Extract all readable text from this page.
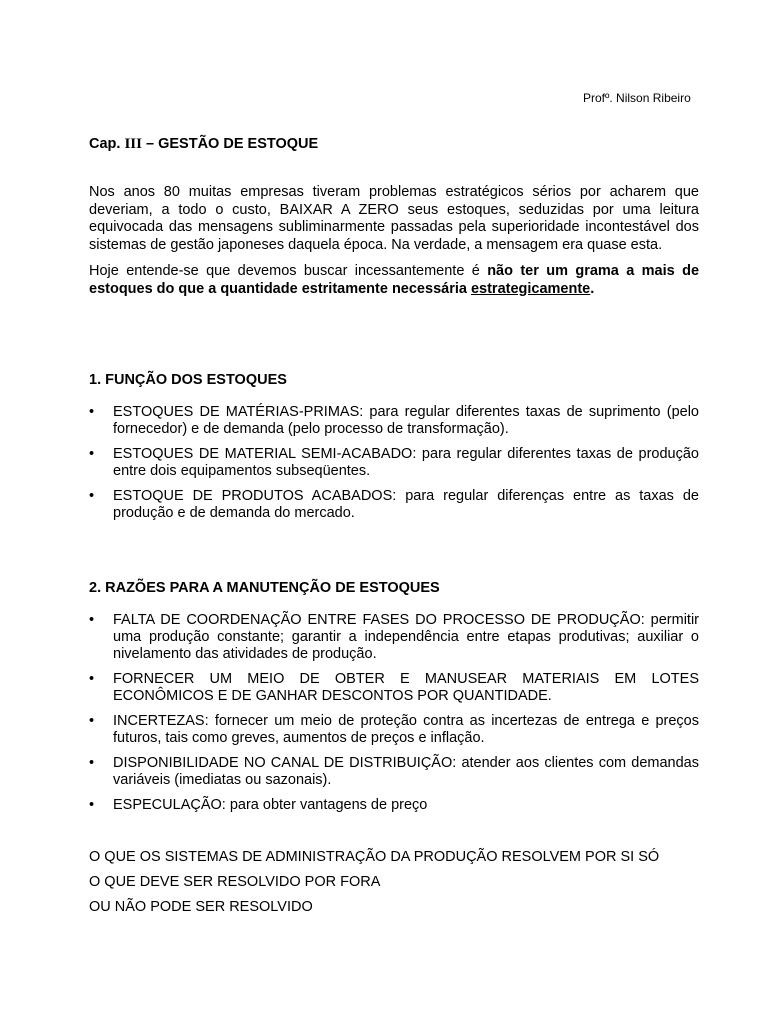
Profº. Nilson Ribeiro
Cap. III – GESTÃO DE ESTOQUE

Nos anos 80 muitas empresas tiveram problemas estratégicos sérios por acharem que deveriam, a todo o custo, BAIXAR A ZERO seus estoques, seduzidas por uma leitura equivocada das mensagens subliminarmente passadas pela superioridade incontestável dos sistemas de gestão japoneses daquela época. Na verdade, a mensagem era quase esta.

Hoje entende-se que devemos buscar incessantemente é não ter um grama a mais de estoques do que a quantidade estritamente necessária estrategicamente.

1. FUNÇÃO DOS ESTOQUES
• ESTOQUES DE MATÉRIAS-PRIMAS: para regular diferentes taxas de suprimento (pelo fornecedor) e de demanda (pelo processo de transformação).
• ESTOQUES DE MATERIAL SEMI-ACABADO: para regular diferentes taxas de produção entre dois equipamentos subseqüentes.
• ESTOQUE DE PRODUTOS ACABADOS: para regular diferenças entre as taxas de produção e de demanda do mercado.
2. RAZÕES PARA A MANUTENÇÃO DE ESTOQUES
• FALTA DE COORDENAÇÃO ENTRE FASES DO PROCESSO DE PRODUÇÃO: permitir uma produção constante; garantir a independência entre etapas produtivas; auxiliar o nivelamento das atividades de produção.
• FORNECER UM MEIO DE OBTER E MANUSEAR MATERIAIS EM LOTES ECONÔMICOS E DE GANHAR DESCONTOS POR QUANTIDADE.
• INCERTEZAS: fornecer um meio de proteção contra as incertezas de entrega e preços futuros, tais como greves, aumentos de preços e inflação.
• DISPONIBILIDADE NO CANAL DE DISTRIBUIÇÃO: atender aos clientes com demandas variáveis (imediatas ou sazonais).
• ESPECULAÇÃO: para obter vantagens de preço
O QUE OS SISTEMAS DE ADMINISTRAÇÃO DA PRODUÇÃO RESOLVEM POR SI SÓ
O QUE DEVE SER RESOLVIDO POR FORA
OU NÃO PODE SER RESOLVIDO
